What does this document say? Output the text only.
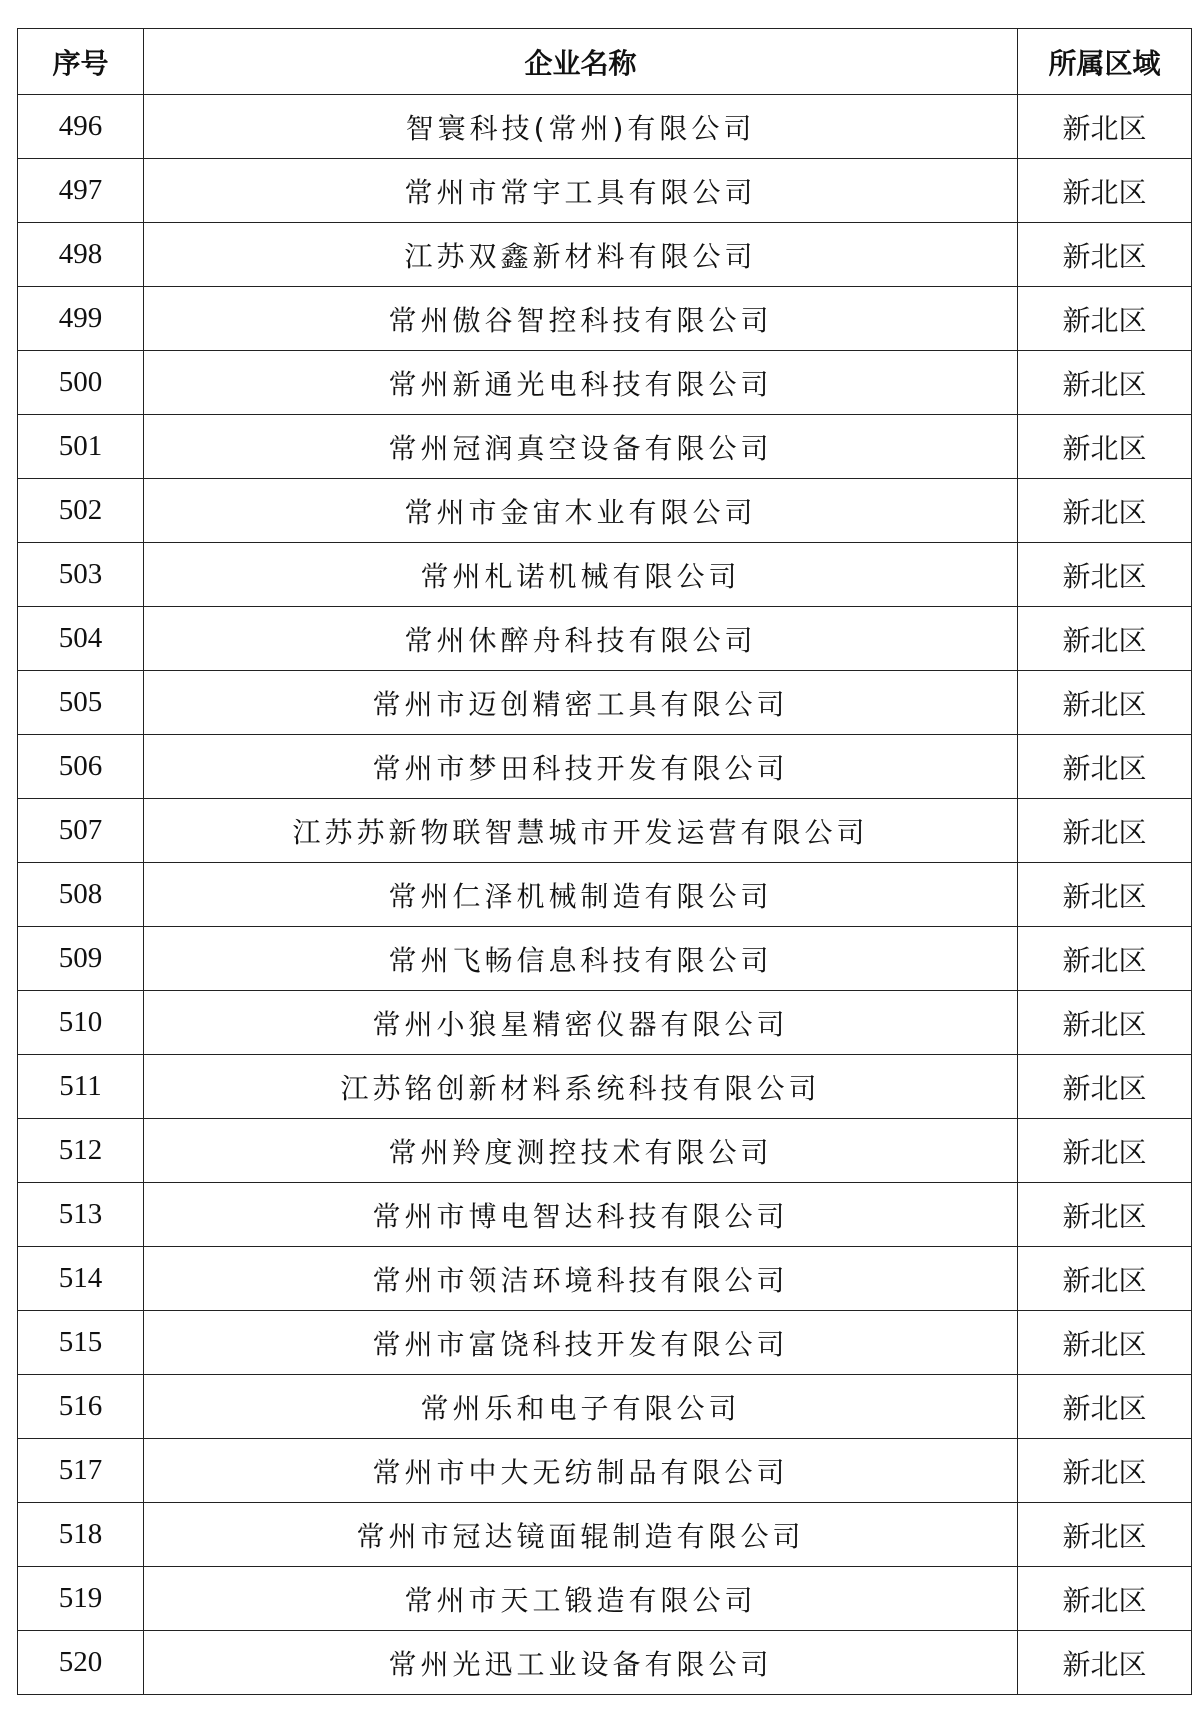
序号	企业名称	所属区域
496	智寰科技(常州)有限公司	新北区
497	常州市常宇工具有限公司	新北区
498	江苏双鑫新材料有限公司	新北区
499	常州傲谷智控科技有限公司	新北区
500	常州新通光电科技有限公司	新北区
501	常州冠润真空设备有限公司	新北区
502	常州市金宙木业有限公司	新北区
503	常州札诺机械有限公司	新北区
504	常州休醉舟科技有限公司	新北区
505	常州市迈创精密工具有限公司	新北区
506	常州市梦田科技开发有限公司	新北区
507	江苏苏新物联智慧城市开发运营有限公司	新北区
508	常州仁泽机械制造有限公司	新北区
509	常州飞畅信息科技有限公司	新北区
510	常州小狼星精密仪器有限公司	新北区
511	江苏铭创新材料系统科技有限公司	新北区
512	常州羚度测控技术有限公司	新北区
513	常州市博电智达科技有限公司	新北区
514	常州市领洁环境科技有限公司	新北区
515	常州市富饶科技开发有限公司	新北区
516	常州乐和电子有限公司	新北区
517	常州市中大无纺制品有限公司	新北区
518	常州市冠达镜面辊制造有限公司	新北区
519	常州市天工锻造有限公司	新北区
520	常州光迅工业设备有限公司	新北区
